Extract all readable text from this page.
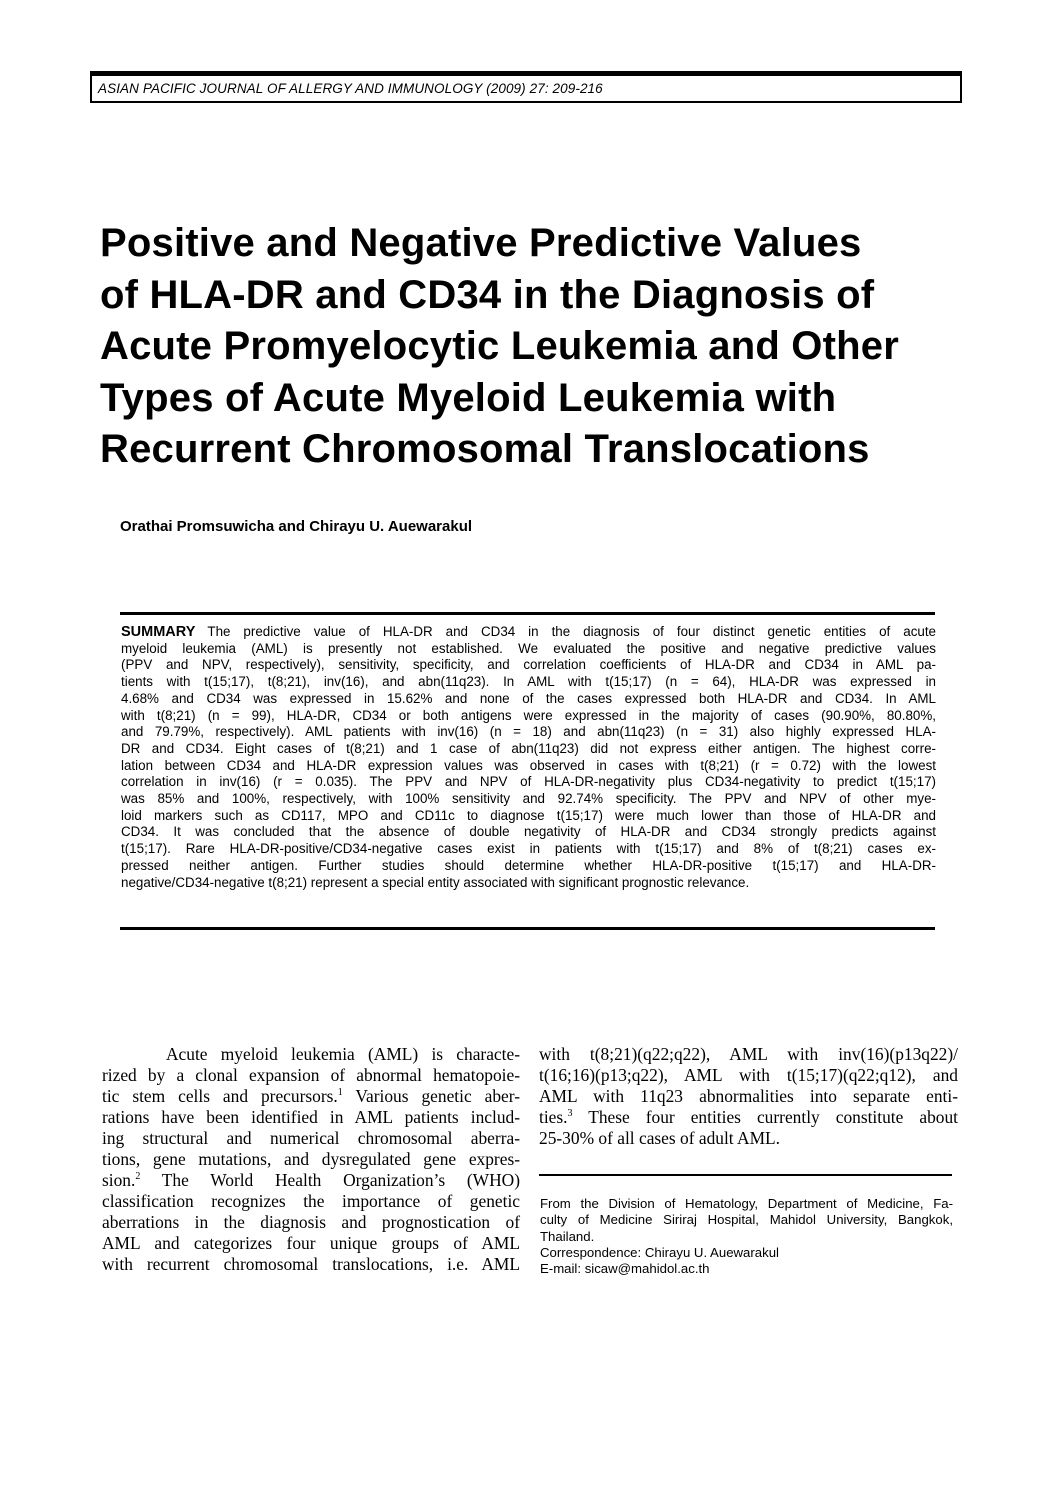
ASIAN PACIFIC JOURNAL OF ALLERGY AND IMMUNOLOGY (2009) 27: 209-216
Positive and Negative Predictive Values
of HLA-DR and CD34 in the Diagnosis of
Acute Promyelocytic Leukemia and Other
Types of Acute Myeloid Leukemia with
Recurrent Chromosomal Translocations
Orathai Promsuwicha and Chirayu U. Auewarakul
SUMMARY The predictive value of HLA-DR and CD34 in the diagnosis of four distinct genetic entities of acute
myeloid leukemia (AML) is presently not established. We evaluated the positive and negative predictive values
(PPV and NPV, respectively), sensitivity, specificity, and correlation coefficients of HLA-DR and CD34 in AML pa-
tients with t(15;17), t(8;21), inv(16), and abn(11q23). In AML with t(15;17) (n = 64), HLA-DR was expressed in
4.68% and CD34 was expressed in 15.62% and none of the cases expressed both HLA-DR and CD34. In AML
with t(8;21) (n = 99), HLA-DR, CD34 or both antigens were expressed in the majority of cases (90.90%, 80.80%,
and 79.79%, respectively). AML patients with inv(16) (n = 18) and abn(11q23) (n = 31) also highly expressed HLA-
DR and CD34. Eight cases of t(8;21) and 1 case of abn(11q23) did not express either antigen. The highest corre-
lation between CD34 and HLA-DR expression values was observed in cases with t(8;21) (r = 0.72) with the lowest
correlation in inv(16) (r = 0.035). The PPV and NPV of HLA-DR-negativity plus CD34-negativity to predict t(15;17)
was 85% and 100%, respectively, with 100% sensitivity and 92.74% specificity. The PPV and NPV of other mye-
loid markers such as CD117, MPO and CD11c to diagnose t(15;17) were much lower than those of HLA-DR and
CD34. It was concluded that the absence of double negativity of HLA-DR and CD34 strongly predicts against
t(15;17). Rare HLA-DR-positive/CD34-negative cases exist in patients with t(15;17) and 8% of t(8;21) cases ex-
pressed neither antigen. Further studies should determine whether HLA-DR-positive t(15;17) and HLA-DR-
negative/CD34-negative t(8;21) represent a special entity associated with significant prognostic relevance.
Acute myeloid leukemia (AML) is characte-
rized by a clonal expansion of abnormal hematopoie-
tic stem cells and precursors.$^1$ Various genetic aber-
rations have been identified in AML patients includ-
ing structural and numerical chromosomal aberra-
tions, gene mutations, and dysregulated gene expres-
sion.$^2$ The World Health Organization’s (WHO)
classification recognizes the importance of genetic
aberrations in the diagnosis and prognostication of
AML and categorizes four unique groups of AML
with recurrent chromosomal translocations, i.e. AML
with t(8;21)(q22;q22), AML with inv(16)(p13q22)/
t(16;16)(p13;q22), AML with t(15;17)(q22;q12), and
AML with 11q23 abnormalities into separate enti-
ties.$^3$ These four entities currently constitute about
25-30% of all cases of adult AML.
From the Division of Hematology, Department of Medicine, Fa-
culty of Medicine Siriraj Hospital, Mahidol University, Bangkok,
Thailand.
Correspondence: Chirayu U. Auewarakul
E-mail: sicaw@mahidol.ac.th
